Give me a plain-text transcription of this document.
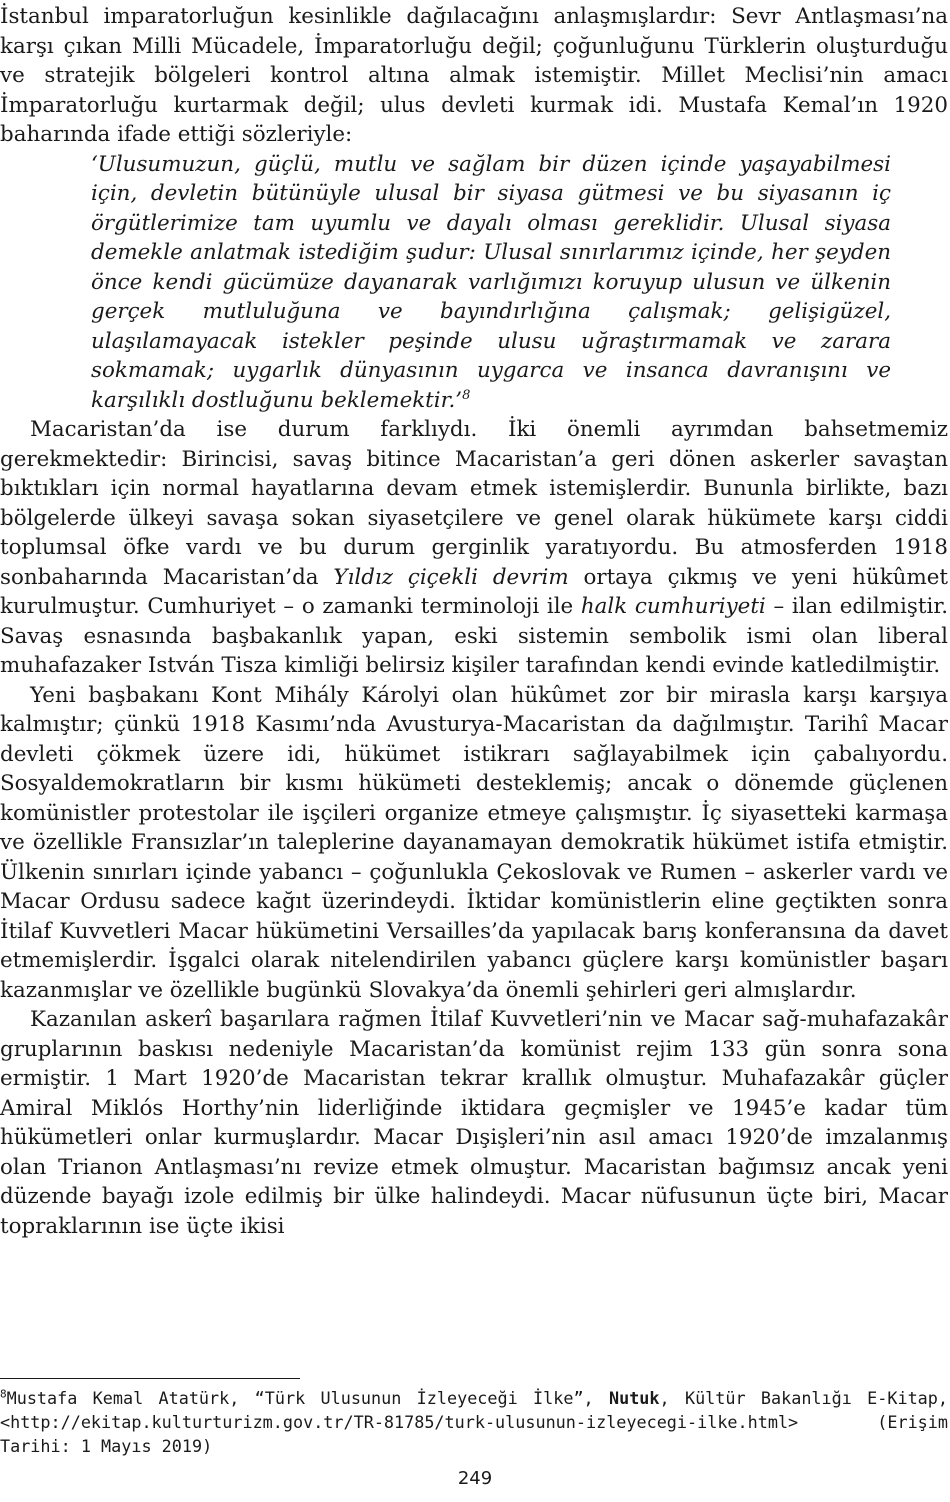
İstanbul imparatorluğun kesinlikle dağılacağını anlaşmışlardır: Sevr Antlaşması’na karşı çıkan Milli Mücadele, İmparatorluğu değil; çoğunluğunu Türklerin oluşturduğu ve stratejik bölgeleri kontrol altına almak istemiştir. Millet Meclisi’nin amacı İmparatorluğu kurtarmak değil; ulus devleti kurmak idi. Mustafa Kemal’ın 1920 baharında ifade ettiği sözleriyle:

‘Ulusumuzun, güçlü, mutlu ve sağlam bir düzen içinde yaşayabilmesi için, devletin bütünüyle ulusal bir siyasa gütmesi ve bu siyasanın iç örgütlerimize tam uyumlu ve dayalı olması gereklidir. Ulusal siyasa demekle anlatmak istediğim şudur: Ulusal sınırlarımız içinde, her şeyden önce kendi gücümüze dayanarak varlığımızı koruyup ulusun ve ülkenin gerçek mutluluğuna ve bayındırlığına çalışmak; gelişigüzel, ulaşılamayacak istekler peşinde ulusu uğraştırmamak ve zarara sokmamak; uygarlık dünyasının uygarca ve insanca davranışını ve karşılıklı dostluğunu beklemektir.’$^8$

Macaristan’da ise durum farklıydı. İki önemli ayrımdan bahsetmemiz gerekmektedir: Birincisi, savaş bitince Macaristan’a geri dönen askerler savaştan bıktıkları için normal hayatlarına devam etmek istemişlerdir. Bununla birlikte, bazı bölgelerde ülkeyi savaşa sokan siyasetçilere ve genel olarak hükümete karşı ciddi toplumsal öfke vardı ve bu durum gerginlik yaratıyordu. Bu atmosferden 1918 sonbaharında Macaristan’da Yıldız çiçekli devrim ortaya çıkmış ve yeni hükûmet kurulmuştur. Cumhuriyet – o zamanki terminoloji ile halk cumhuriyeti – ilan edilmiştir. Savaş esnasında başbakanlık yapan, eski sistemin sembolik ismi olan liberal muhafazaker István Tisza kimliği belirsiz kişiler tarafından kendi evinde katledilmiştir.

Yeni başbakanı Kont Mihály Károlyi olan hükûmet zor bir mirasla karşı karşıya kalmıştır; çünkü 1918 Kasımı’nda Avusturya-Macaristan da dağılmıştır. Tarihî Macar devleti çökmek üzere idi, hükümet istikrarı sağlayabilmek için çabalıyordu. Sosyaldemokratların bir kısmı hükümeti desteklemiş; ancak o dönemde güçlenen komünistler protestolar ile işçileri organize etmeye çalışmıştır. İç siyasetteki karmaşa ve özellikle Fransızlar’ın taleplerine dayanamayan demokratik hükümet istifa etmiştir. Ülkenin sınırları içinde yabancı – çoğunlukla Çekoslovak ve Rumen – askerler vardı ve Macar Ordusu sadece kağıt üzerindeydi. İktidar komünistlerin eline geçtikten sonra İtilaf Kuvvetleri Macar hükümetini Versailles’da yapılacak barış konferansına da davet etmemişlerdir. İşgalci olarak nitelendirilen yabancı güçlere karşı komünistler başarı kazanmışlar ve özellikle bugünkü Slovakya’da önemli şehirleri geri almışlardır.

Kazanılan askerî başarılara rağmen İtilaf Kuvvetleri’nin ve Macar sağ-muhafazakâr gruplarının baskısı nedeniyle Macaristan’da komünist rejim 133 gün sonra sona ermiştir. 1 Mart 1920’de Macaristan tekrar krallık olmuştur. Muhafazakâr güçler Amiral Miklós Horthy’nin liderliğinde iktidara geçmişler ve 1945’e kadar tüm hükümetleri onlar kurmuşlardır. Macar Dışişleri’nin asıl amacı 1920’de imzalanmış olan Trianon Antlaşması’nı revize etmek olmuştur. Macaristan bağımsız ancak yeni düzende bayağı izole edilmiş bir ülke halindeydi. Macar nüfusunun üçte biri, Macar topraklarının ise üçte ikisi

$^8$Mustafa Kemal Atatürk, “Türk Ulusunun İzleyeceği İlke”, Nutuk, Kültür Bakanlığı E-Kitap, <http://ekitap.kulturturizm.gov.tr/TR-81785/turk-ulusunun-izleyecegi-ilke.html> (Erişim Tarihi: 1 Mayıs 2019)
249
